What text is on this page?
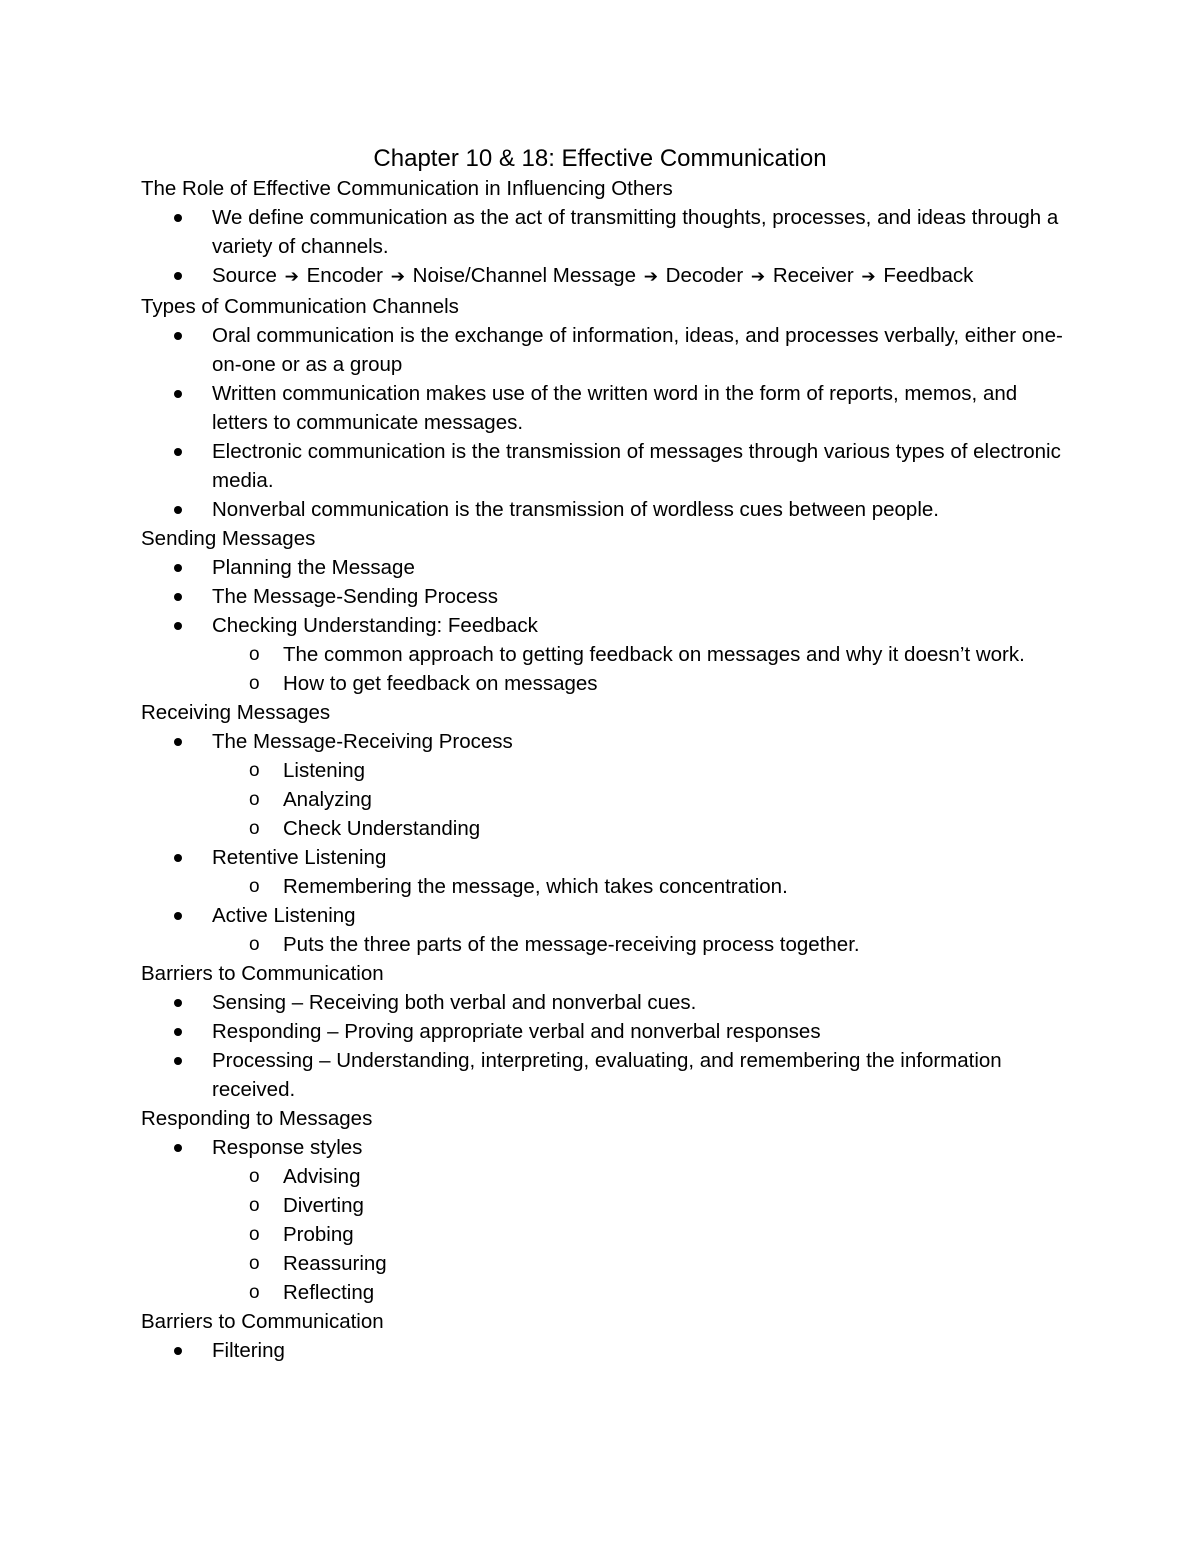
Chapter 10 & 18: Effective Communication
The Role of Effective Communication in Influencing Others
We define communication as the act of transmitting thoughts, processes, and ideas through a variety of channels.
Source ➔ Encoder ➔ Noise/Channel Message ➔ Decoder ➔ Receiver ➔ Feedback
Types of Communication Channels
Oral communication is the exchange of information, ideas, and processes verbally, either one-on-one or as a group
Written communication makes use of the written word in the form of reports, memos, and letters to communicate messages.
Electronic communication is the transmission of messages through various types of electronic media.
Nonverbal communication is the transmission of wordless cues between people.
Sending Messages
Planning the Message
The Message-Sending Process
Checking Understanding: Feedback
o The common approach to getting feedback on messages and why it doesn’t work.
o How to get feedback on messages
Receiving Messages
The Message-Receiving Process
o Listening
o Analyzing
o Check Understanding
Retentive Listening
o Remembering the message, which takes concentration.
Active Listening
o Puts the three parts of the message-receiving process together.
Barriers to Communication
Sensing – Receiving both verbal and nonverbal cues.
Responding – Proving appropriate verbal and nonverbal responses
Processing – Understanding, interpreting, evaluating, and remembering the information received.
Responding to Messages
Response styles
o Advising
o Diverting
o Probing
o Reassuring
o Reflecting
Barriers to Communication
Filtering
